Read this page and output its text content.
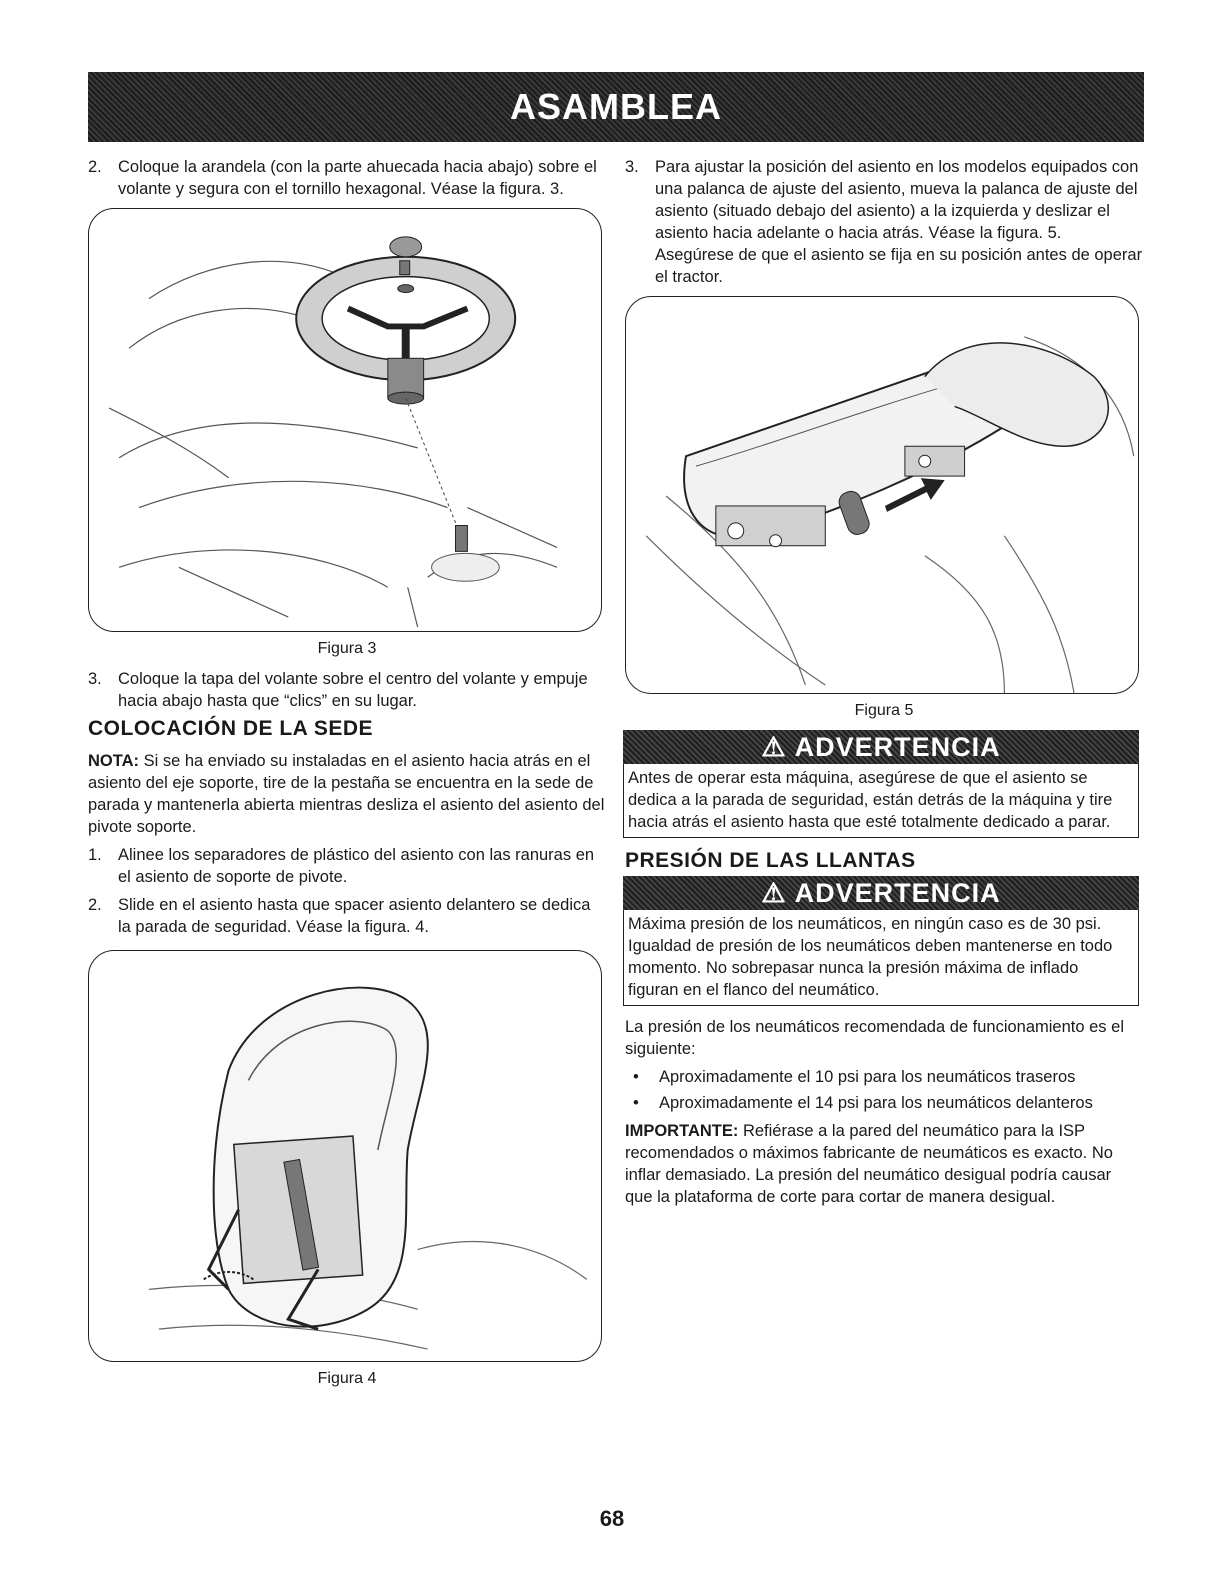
ASAMBLEA
2. Coloque la arandela (con la parte ahuecada hacia abajo) sobre el volante y segura con el tornillo hexagonal. Véase la figura. 3.
Figura 3
3. Coloque la tapa del volante sobre el centro del volante y empuje hacia abajo hasta que “clics” en su lugar.
COLOCACIÓN DE LA SEDE

NOTA: Si se ha enviado su instaladas en el asiento hacia atrás en el asiento del eje soporte, tire de la pestaña se encuentra en la sede de parada y mantenerla abierta mientras desliza el asiento del asiento del pivote soporte.

1. Alinee los separadores de plástico del asiento con las ranuras en el asiento de soporte de pivote.
2. Slide en el asiento hasta que spacer asiento delantero se dedica la parada de seguridad. Véase la figura. 4.
Figura 4
3. Para ajustar la posición del asiento en los modelos equipados con una palanca de ajuste del asiento, mueva la palanca de ajuste del asiento (situado debajo del asiento) a la izquierda y deslizar el asiento hacia adelante o hacia atrás. Véase la figura. 5. Asegúrese de que el asiento se fija en su posición antes de operar el tractor.
Figura 5
⚠ ADVERTENCIA
Antes de operar esta máquina, asegúrese de que el asiento se dedica a la parada de seguridad, están detrás de la máquina y tire hacia atrás el asiento hasta que esté totalmente dedicado a parar.
PRESIÓN DE LAS LLANTAS
⚠ ADVERTENCIA
Máxima presión de los neumáticos, en ningún caso es de 30 psi. Igualdad de presión de los neumáticos deben mantenerse en todo momento. No sobrepasar nunca la presión máxima de inflado figuran en el flanco del neumático.

La presión de los neumáticos recomendada de funcionamiento es el siguiente:

•	Aproximadamente el 10 psi para los neumáticos traseros
•	Aproximadamente el 14 psi para los neumáticos delanteros

IMPORTANTE: Refiérase a la pared del neumático para la ISP recomendados o máximos fabricante de neumáticos es exacto. No inflar demasiado. La presión del neumático desigual podría causar que la plataforma de corte para cortar de manera desigual.

68
